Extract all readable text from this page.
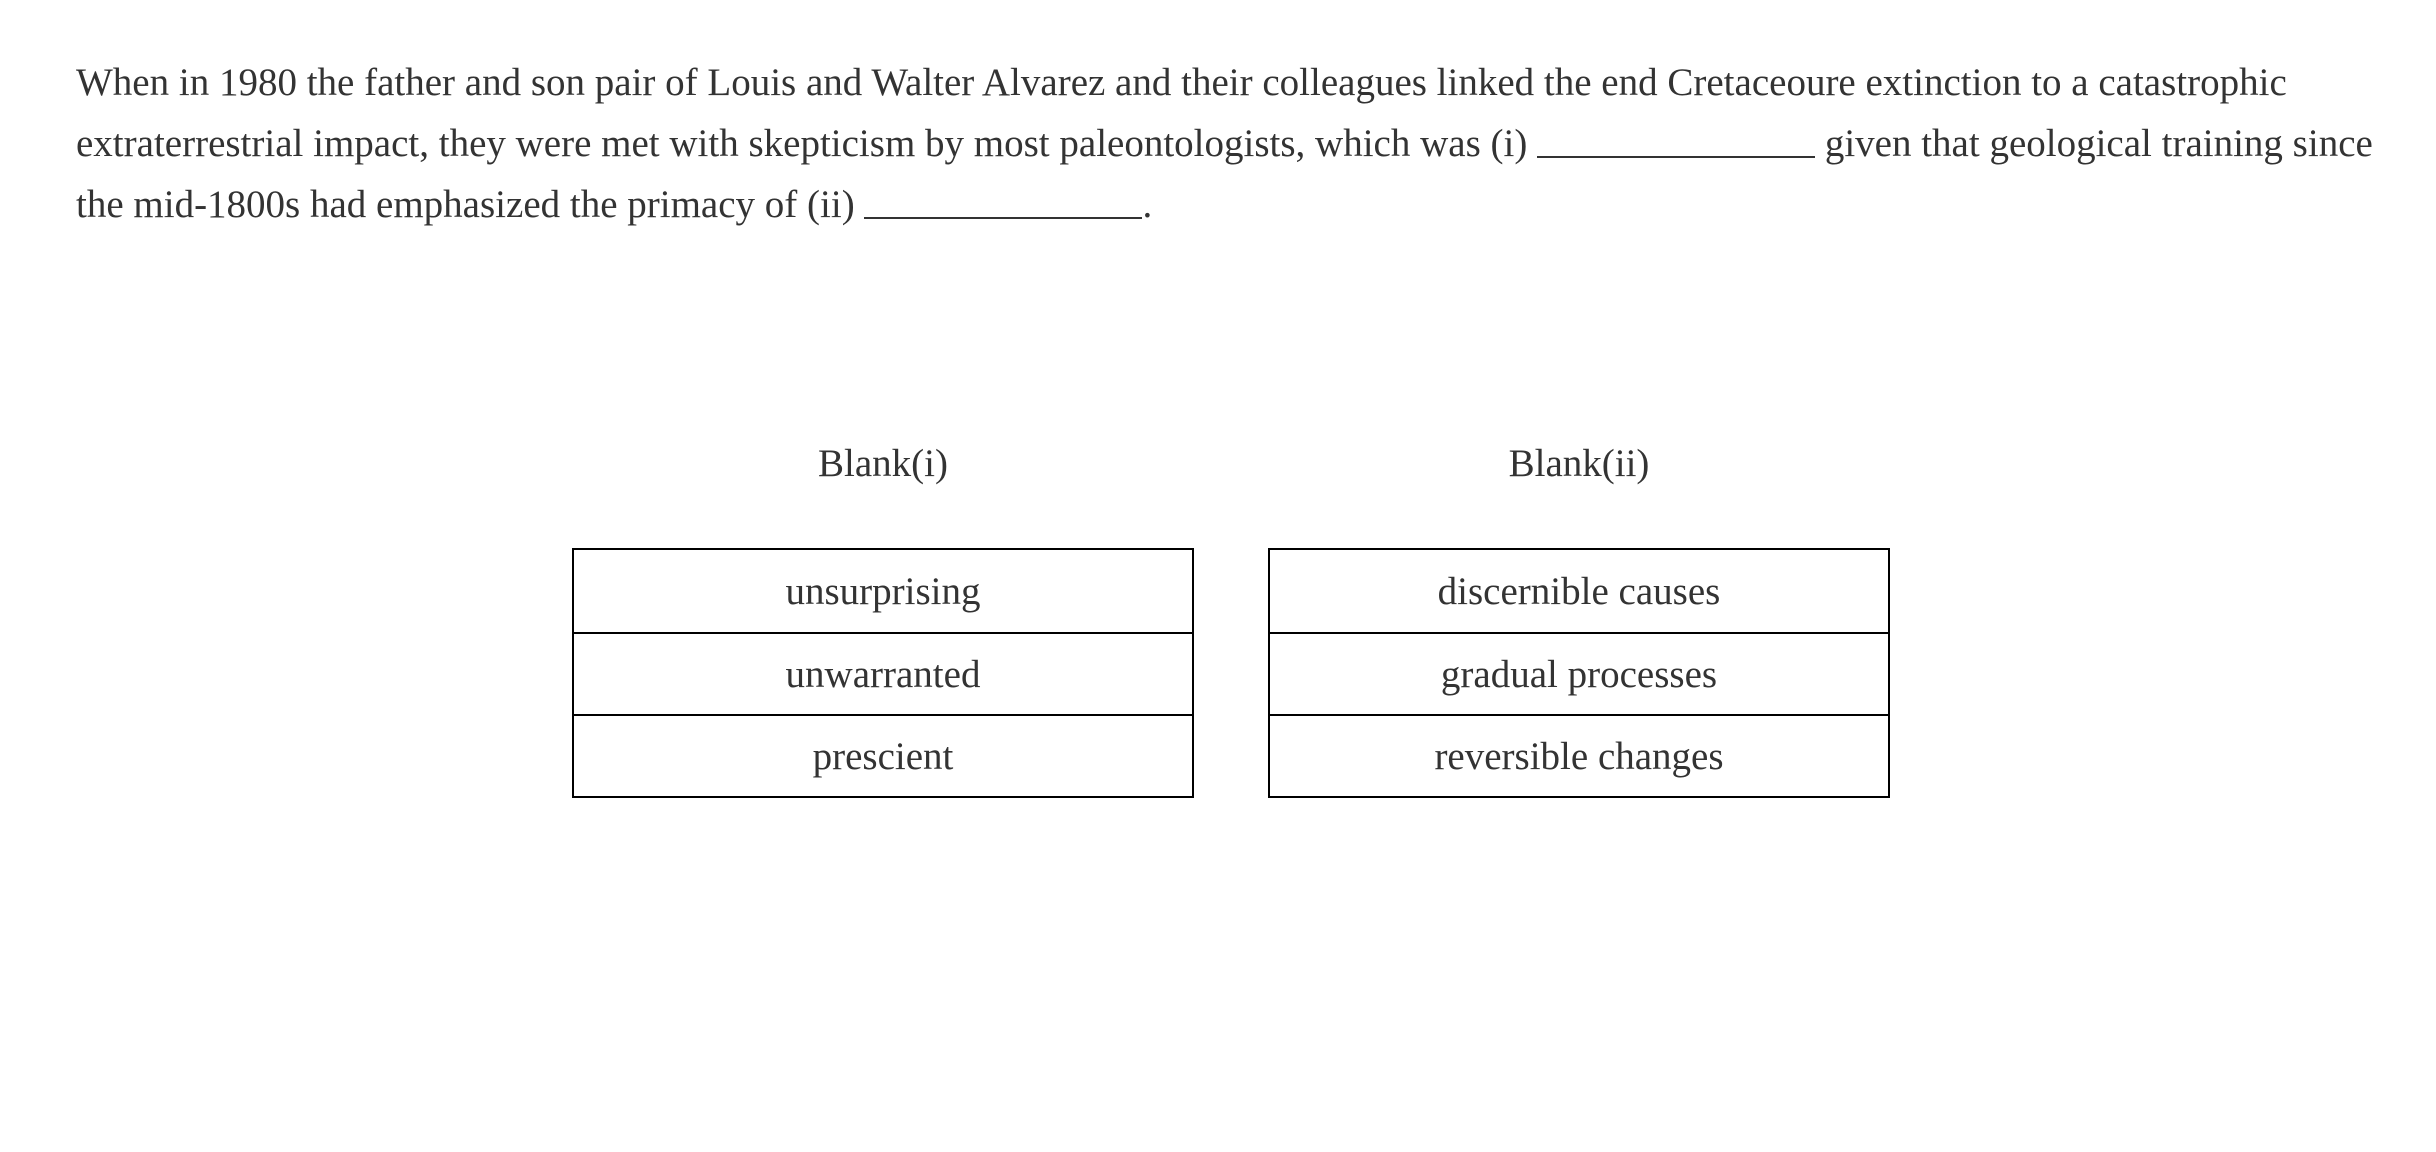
When in 1980 the father and son pair of Louis and Walter Alvarez and their colleagues linked the end Cretaceoure extinction to a catastrophic extraterrestrial impact, they were met with skepticism by most paleontologists, which was (i)	given that geological training since the mid-1800s had emphasized the primacy of (ii)	.

Blank(i)
unsurprising
unwarranted
prescient
Blank(ii)
discernible causes
gradual processes
reversible changes
